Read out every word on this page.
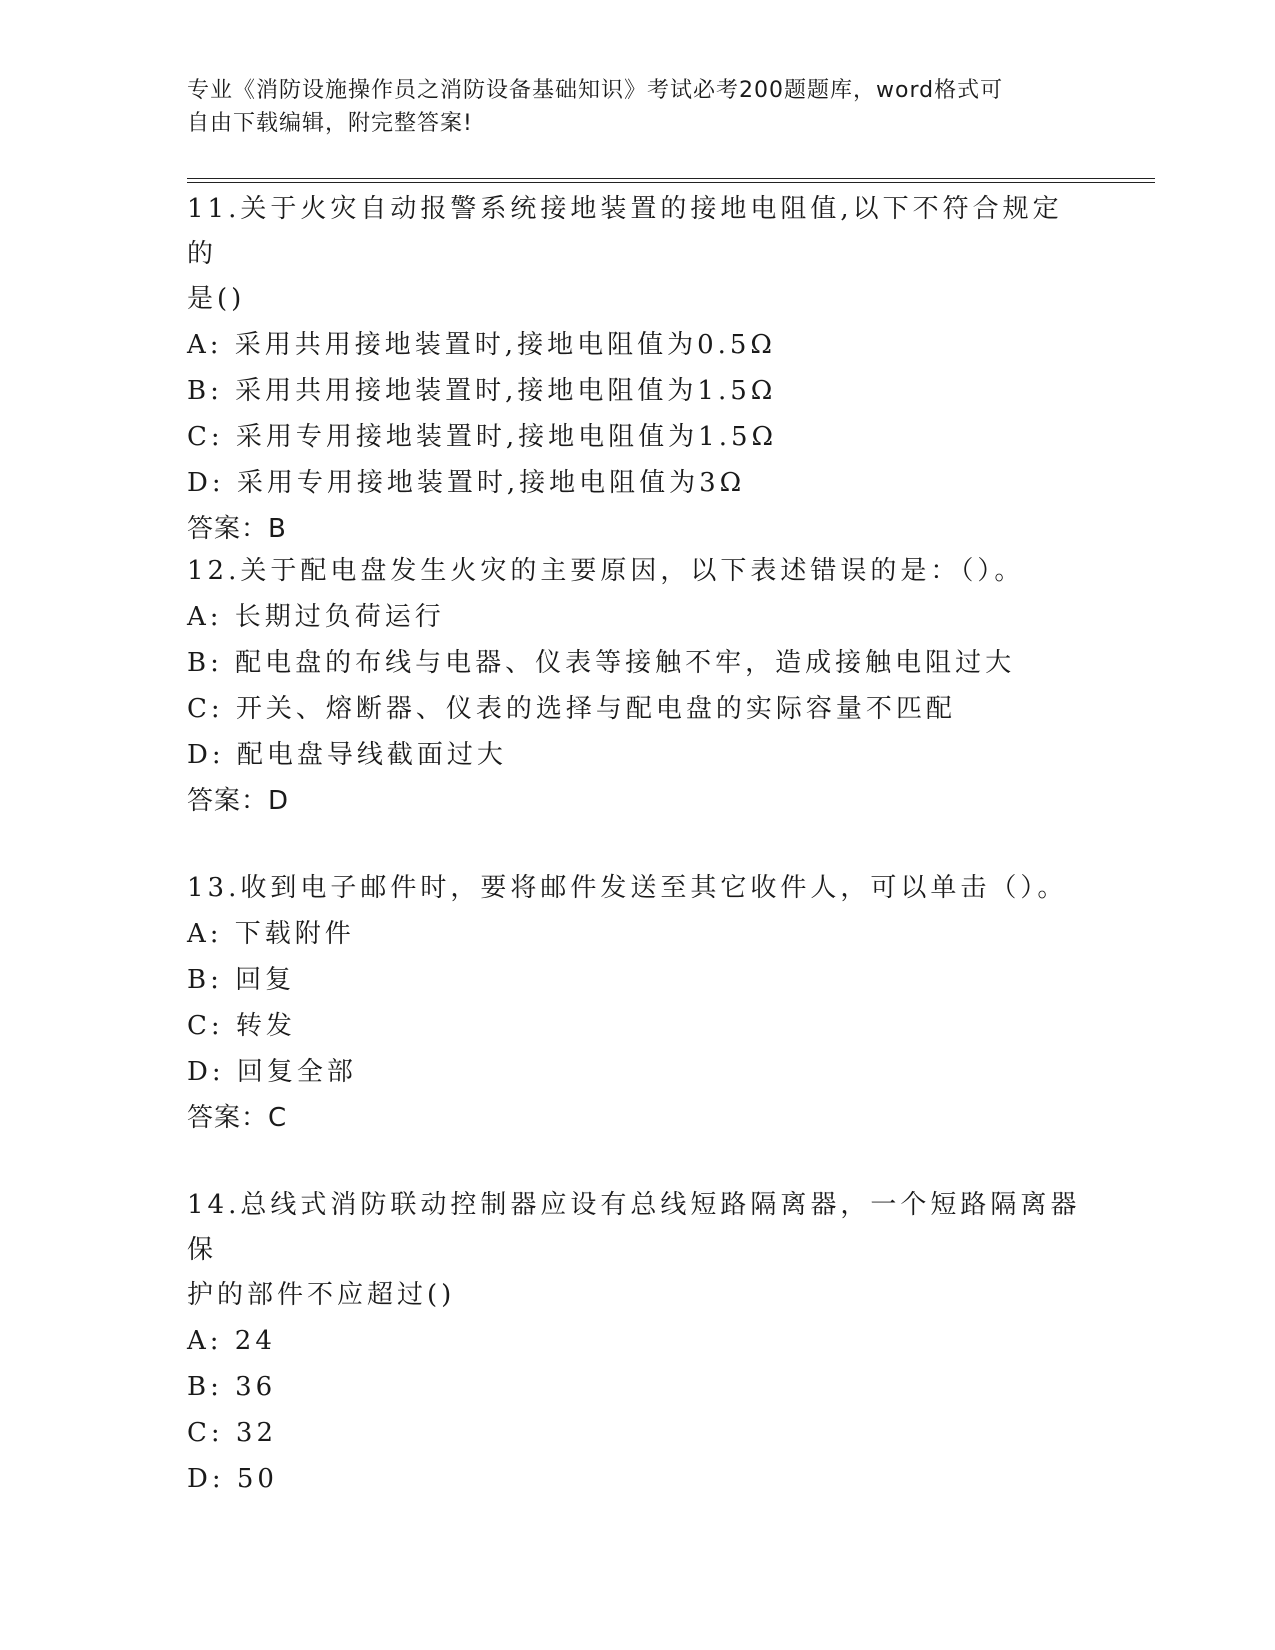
专业《消防设施操作员之消防设备基础知识》考试必考200题题库，word格式可
自由下载编辑，附完整答案!
11.关于火灾自动报警系统接地装置的接地电阻值,以下不符合规定的
是()
A: 采用共用接地装置时,接地电阻值为0.5Ω
B: 采用共用接地装置时,接地电阻值为1.5Ω
C: 采用专用接地装置时,接地电阻值为1.5Ω
D: 采用专用接地装置时,接地电阻值为3Ω
答案：B
12.关于配电盘发生火灾的主要原因，以下表述错误的是：（）。
A: 长期过负荷运行
B: 配电盘的布线与电器、仪表等接触不牢，造成接触电阻过大
C: 开关、熔断器、仪表的选择与配电盘的实际容量不匹配
D: 配电盘导线截面过大
答案：D
13.收到电子邮件时，要将邮件发送至其它收件人，可以单击（）。
A: 下载附件
B: 回复
C: 转发
D: 回复全部
答案：C
14.总线式消防联动控制器应设有总线短路隔离器，一个短路隔离器保
护的部件不应超过()
A: 24
B: 36
C: 32
D: 50
